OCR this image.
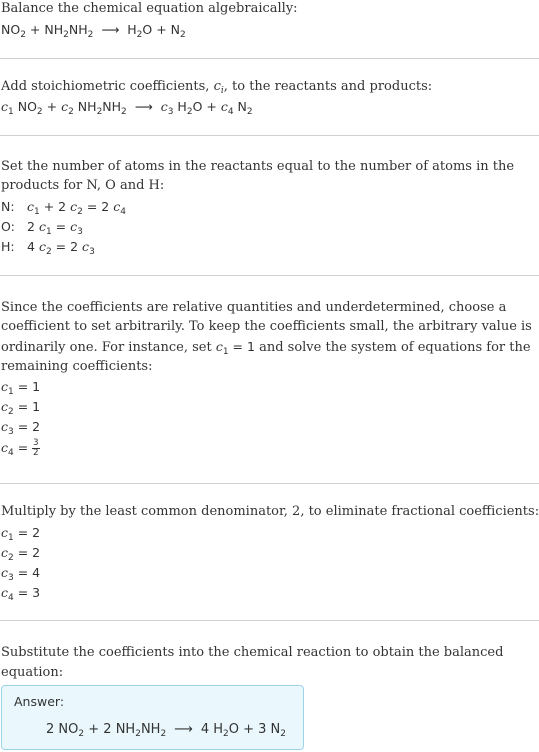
Balance the chemical equation algebraically:
$NO_2 + NH_2NH_2$ ⟶ $H_2O + N_2$
Add stoichiometric coefficients, $c_i$, to the reactants and products:
$c_1$ $NO_2 + c_2$ $NH_2NH_2$ ⟶ $c_3$ $H_2O + c_4$ $N_2$
Set the number of atoms in the reactants equal to the number of atoms in the
products for N, O and H:
N: $c_1 + 2$ $c_2 = 2$ $c_4$
O: 2 $c_1 = c_3$
H: 4 $c_2 = 2$ $c_3$
Since the coefficients are relative quantities and underdetermined, choose a
coefficient to set arbitrarily. To keep the coefficients small, the arbitrary value is
ordinarily one. For instance, set $c_1 = 1$ and solve the system of equations for the
remaining coefficients:
$c_1 = 1$
$c_2 = 1$
$c_3 = 2$
$c_4 = \frac{3}{2}$
Multiply by the least common denominator, 2, to eliminate fractional coefficients:
$c_1 = 2$
$c_2 = 2$
$c_3 = 4$
$c_4 = 3$
Substitute the coefficients into the chemical reaction to obtain the balanced
equation:
Answer:
2 $NO_2 + 2$ $NH_2NH_2$ ⟶ 4 $H_2O + 3$ $N_2$
